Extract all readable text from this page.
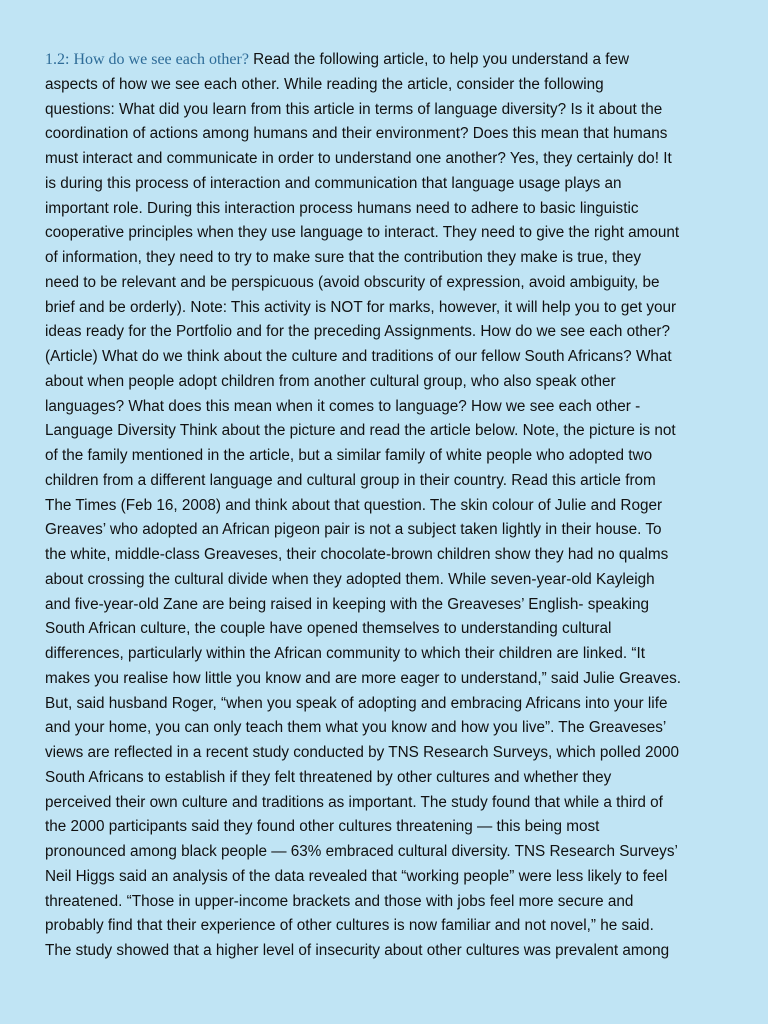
1.2: How do we see each other? Read the following article, to help you understand a few
aspects of how we see each other. While reading the article, consider the following
questions: What did you learn from this article in terms of language diversity? Is it about the
coordination of actions among humans and their environment? Does this mean that humans
must interact and communicate in order to understand one another? Yes, they certainly do! It
is during this process of interaction and communication that language usage plays an
important role. During this interaction process humans need to adhere to basic linguistic
cooperative principles when they use language to interact. They need to give the right amount
of information, they need to try to make sure that the contribution they make is true, they
need to be relevant and be perspicuous (avoid obscurity of expression, avoid ambiguity, be
brief and be orderly). Note: This activity is NOT for marks, however, it will help you to get your
ideas ready for the Portfolio and for the preceding Assignments. How do we see each other?
(Article) What do we think about the culture and traditions of our fellow South Africans? What
about when people adopt children from another cultural group, who also speak other
languages? What does this mean when it comes to language? How we see each other -
Language Diversity Think about the picture and read the article below. Note, the picture is not
of the family mentioned in the article, but a similar family of white people who adopted two
children from a different language and cultural group in their country. Read this article from
The Times (Feb 16, 2008) and think about that question. The skin colour of Julie and Roger
Greaves’ who adopted an African pigeon pair is not a subject taken lightly in their house. To
the white, middle-class Greaveses, their chocolate-brown children show they had no qualms
about crossing the cultural divide when they adopted them. While seven-year-old Kayleigh
and five-year-old Zane are being raised in keeping with the Greaveses’ English- speaking
South African culture, the couple have opened themselves to understanding cultural
differences, particularly within the African community to which their children are linked. “It
makes you realise how little you know and are more eager to understand,” said Julie Greaves.
But, said husband Roger, “when you speak of adopting and embracing Africans into your life
and your home, you can only teach them what you know and how you live”. The Greaveses’
views are reflected in a recent study conducted by TNS Research Surveys, which polled 2000
South Africans to establish if they felt threatened by other cultures and whether they
perceived their own culture and traditions as important. The study found that while a third of
the 2000 participants said they found other cultures threatening — this being most
pronounced among black people — 63% embraced cultural diversity. TNS Research Surveys’
Neil Higgs said an analysis of the data revealed that “working people” were less likely to feel
threatened. “Those in upper-income brackets and those with jobs feel more secure and
probably find that their experience of other cultures is now familiar and not novel,” he said.
The study showed that a higher level of insecurity about other cultures was prevalent among
